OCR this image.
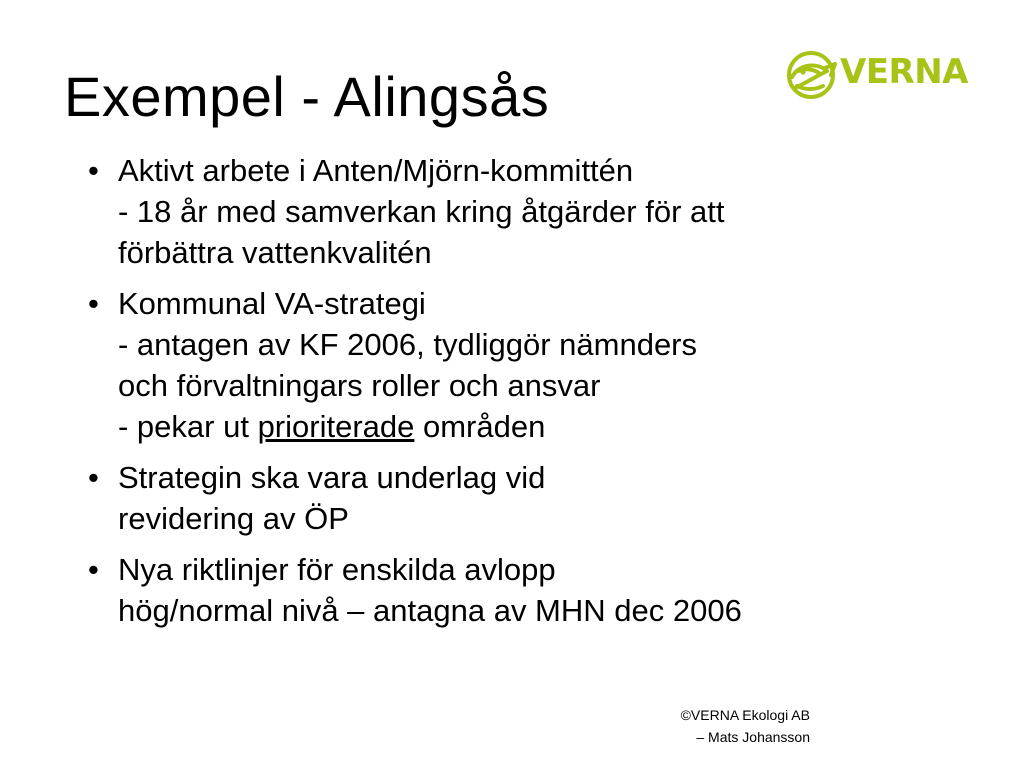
Exempel - Alingsås	VERNA
• Aktivt arbete i Anten/Mjörn-kommittén
- 18 år med samverkan kring åtgärder för att
förbättra vattenkvalitén
• Kommunal VA-strategi
- antagen av KF 2006, tydliggör nämnders
och förvaltningars roller och ansvar
- pekar ut prioriterade områden
• Strategin ska vara underlag vid
revidering av ÖP
• Nya riktlinjer för enskilda avlopp
hög/normal nivå – antagna av MHN dec 2006
©VERNA Ekologi AB
– Mats Johansson
